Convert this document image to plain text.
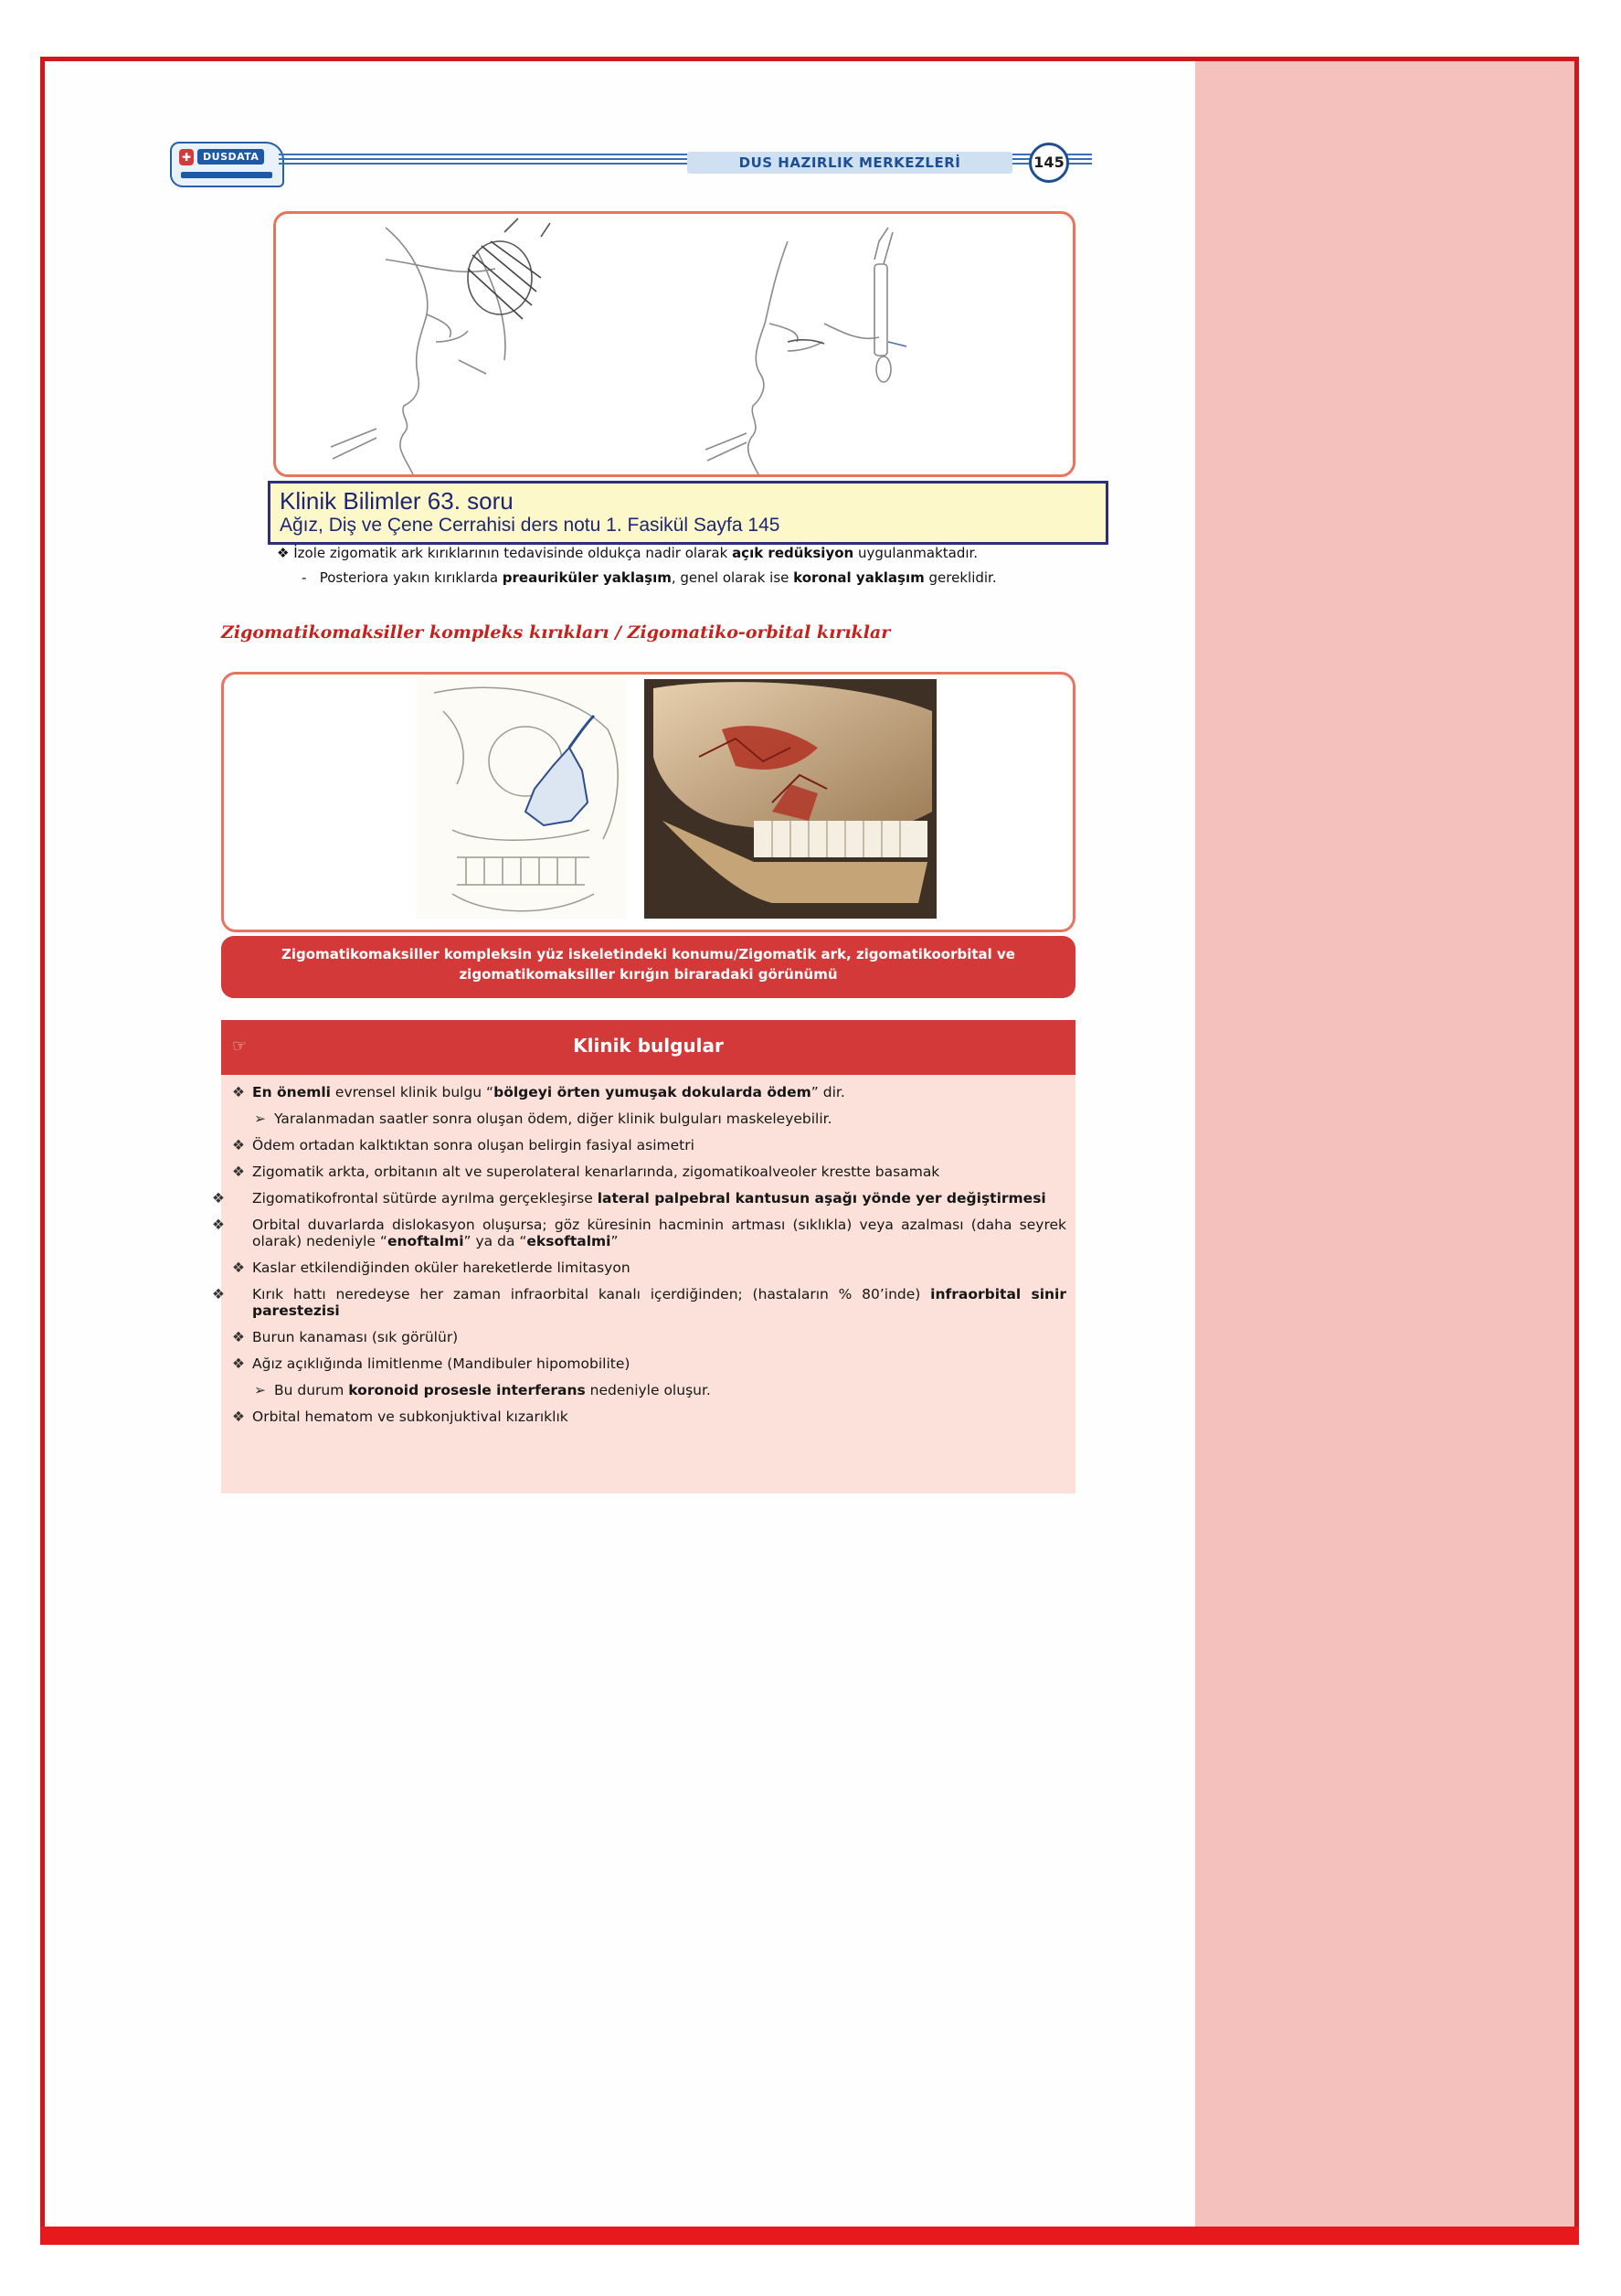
✚	DUSDATA	DUS HAZIRLIK MERKEZLERİ	145
Klinik Bilimler 63. soru
Ağız, Diş ve Çene Cerrahisi ders notu 1. Fasikül Sayfa 145
❖ İzole zigomatik ark kırıklarının tedavisinde oldukça nadir olarak açık redüksiyon uygulanmaktadır.
-   Posteriora yakın kırıklarda preauriküler yaklaşım, genel olarak ise koronal yaklaşım gereklidir.
Zigomatikomaksiller kompleks kırıkları / Zigomatiko-orbital kırıklar
Zigomatikomaksiller kompleksin yüz iskeletindeki konumu/Zigomatik ark, zigomatikoorbital ve zigomatikomaksiller kırığın biraradaki görünümü
☞	Klinik bulgular
❖ En önemli evrensel klinik bulgu “bölgeyi örten yumuşak dokularda ödem” dir.
➢ Yaralanmadan saatler sonra oluşan ödem, diğer klinik bulguları maskeleyebilir.
❖ Ödem ortadan kalktıktan sonra oluşan belirgin fasiyal asimetri
❖ Zigomatik arkta, orbitanın alt ve superolateral kenarlarında, zigomatikoalveoler krestte basamak
❖ Zigomatikofrontal sütürde ayrılma gerçekleşirse lateral palpebral kantusun aşağı yönde yer değiştirmesi
❖ Orbital duvarlarda dislokasyon oluşursa; göz küresinin hacminin artması (sıklıkla) veya azalması (daha seyrek olarak) nedeniyle “enoftalmi” ya da “eksoftalmi”
❖ Kaslar etkilendiğinden oküler hareketlerde limitasyon
❖ Kırık hattı neredeyse her zaman infraorbital kanalı içerdiğinden; (hastaların % 80’inde) infraorbital sinir parestezisi
❖ Burun kanaması (sık görülür)
❖ Ağız açıklığında limitlenme (Mandibuler hipomobilite)
➢ Bu durum koronoid prosesle interferans nedeniyle oluşur.
❖ Orbital hematom ve subkonjuktival kızarıklık
